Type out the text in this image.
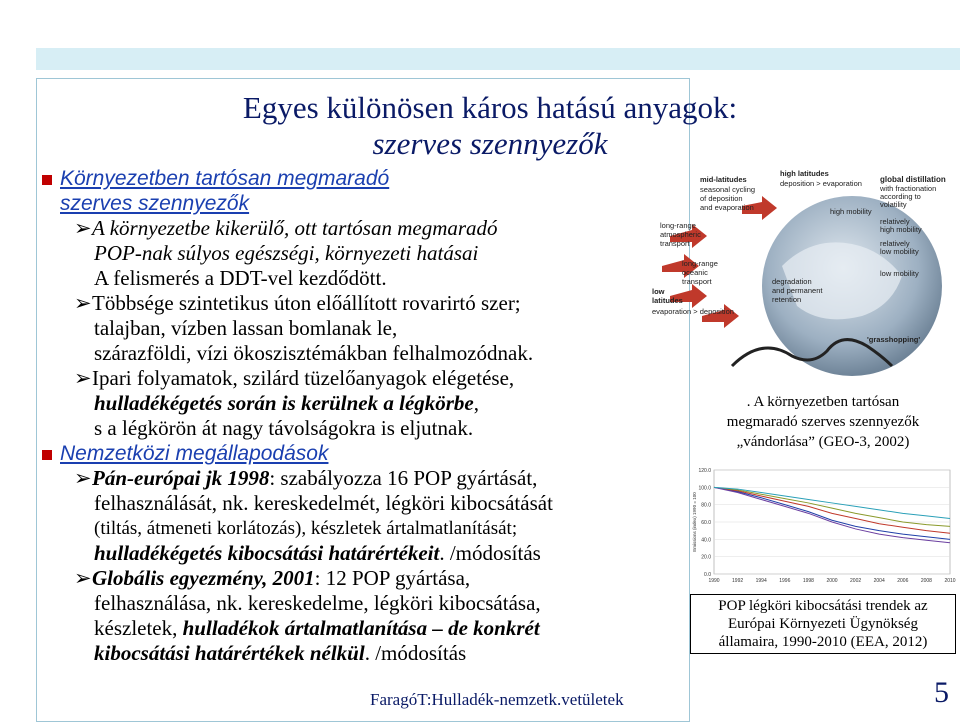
Egyes különösen káros hatású anyagok:
szerves szennyezők
Környezetben tartósan megmaradó
szerves szennyezők
➢A környezetbe kikerülő, ott tartósan megmaradó
POP-nak súlyos egészségi, környezeti hatásai
A felismerés a DDT-vel kezdődött.
➢Többsége szintetikus úton előállított rovarirtó szer;
talajban, vízben lassan bomlanak le,
szárazföldi, vízi ökoszisztémákban felhalmozódnak.
➢Ipari folyamatok, szilárd tüzelőanyagok elégetése,
hulladékégetés során is kerülnek a légkörbe,
s a légkörön át nagy távolságokra is eljutnak.
Nemzetközi megállapodások
➢Pán-európai jk 1998: szabályozza 16 POP gyártását,
felhasználását, nk. kereskedelmét, légköri kibocsátását
(tiltás, átmeneti korlátozás), készletek ártalmatlanítását;
hulladékégetés kibocsátási határértékeit. /módosítás
➢Globális egyezmény, 2001: 12 POP gyártása,
felhasználása, nk. kereskedelme, légköri kibocsátása,
készletek, hulladékok ártalmatlanítása – de konkrét
kibocsátási határértékek nélkül. /módosítás
mid-latitudes
seasonal cycling
of deposition
and evaporation
high latitudes
deposition > evaporation global distillation
with fractionation
according to
volatility
high mobility
relatively
high mobility
relatively
low mobility
low mobility
long-range
atmospheric
transport
long-range
oceanic
transport	degradation
and permanent
retention
low
latitudes
evaporation > deposition
'grasshopping'
. A környezetben tartósan
megmaradó szerves szennyezők
„vándorlása” (GEO-3, 2002)
0.0
20.0
40.0
60.0
80.0
100.0
120.0
1990 1992 1994 1996 1998 2000 2002 2004 2006 2008 2010
Emissions (index) 1990 = 100
POP légköri kibocsátási trendek az
Európai Környezeti Ügynökség
államaira, 1990-2010 (EEA, 2012)
FaragóT:Hulladék-nemzetk.vetületek	5
